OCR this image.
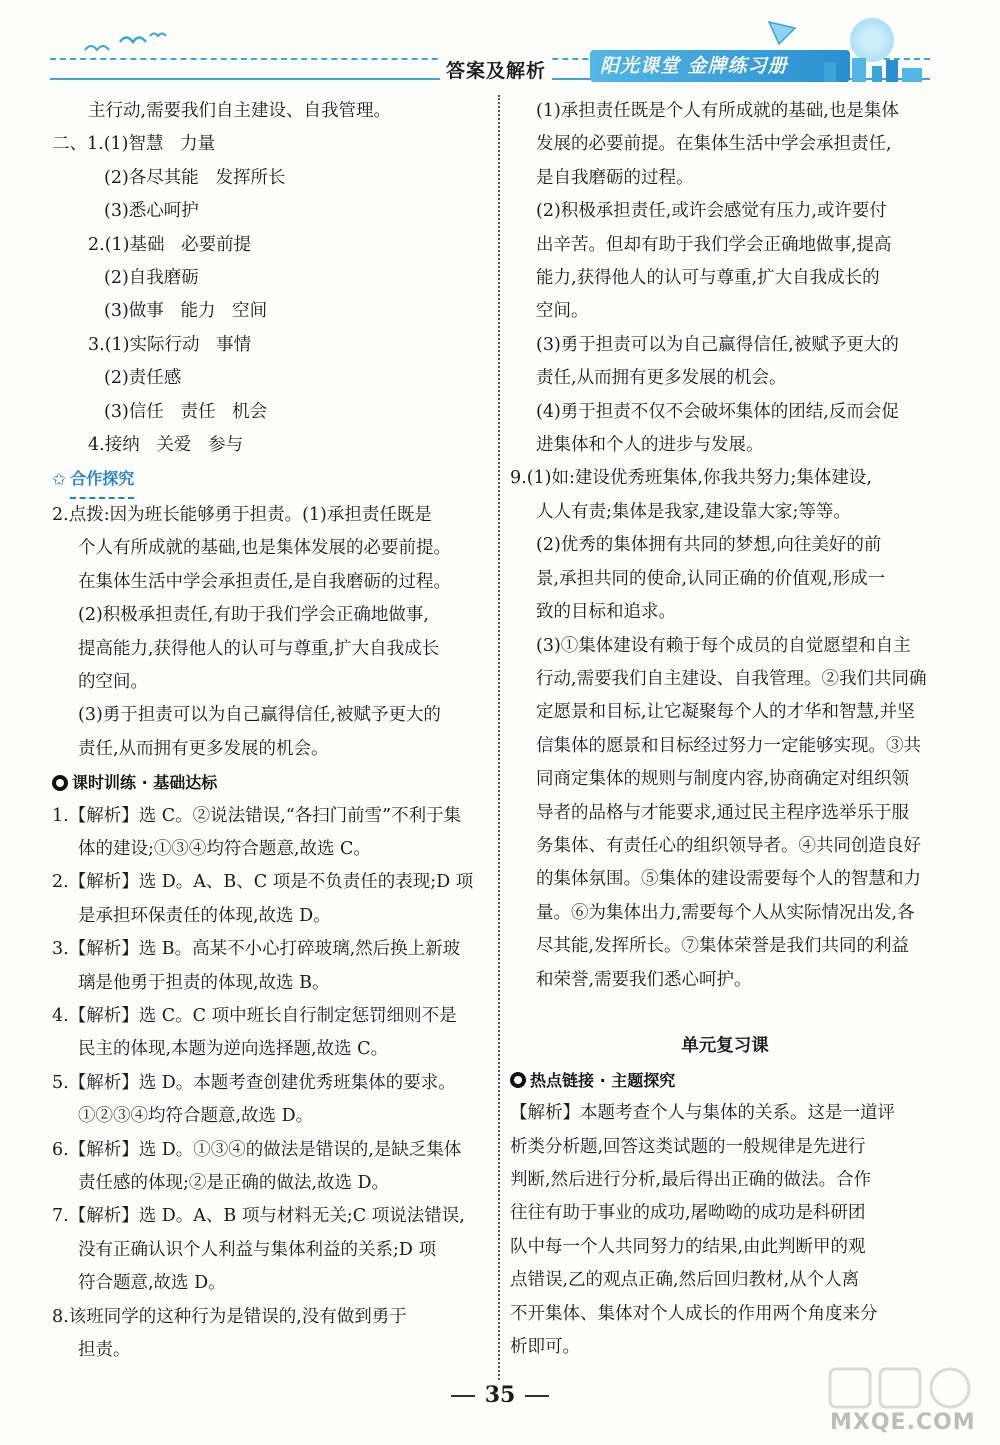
答案及解析	阳光课堂 金牌练习册
主行动,需要我们自主建设、自我管理。
二、1.(1)智慧   力量
(2)各尽其能   发挥所长
(3)悉心呵护
2.(1)基础   必要前提
(2)自我磨砺
(3)做事   能力   空间
3.(1)实际行动   事情
(2)责任感
(3)信任   责任   机会
4.接纳   关爱   参与
✩ 合作探究
2.点拨:因为班长能够勇于担责。(1)承担责任既是
个人有所成就的基础,也是集体发展的必要前提。
在集体生活中学会承担责任,是自我磨砺的过程。
(2)积极承担责任,有助于我们学会正确地做事,
提高能力,获得他人的认可与尊重,扩大自我成长
的空间。
(3)勇于担责可以为自己赢得信任,被赋予更大的
责任,从而拥有更多发展的机会。
课时训练 · 基础达标
1.【解析】选 C。②说法错误,“各扫门前雪”不利于集
体的建设;①③④均符合题意,故选 C。
2.【解析】选 D。A、B、C 项是不负责任的表现;D 项
是承担环保责任的体现,故选 D。
3.【解析】选 B。高某不小心打碎玻璃,然后换上新玻
璃是他勇于担责的体现,故选 B。
4.【解析】选 C。C 项中班长自行制定惩罚细则不是
民主的体现,本题为逆向选择题,故选 C。
5.【解析】选 D。本题考查创建优秀班集体的要求。
①②③④均符合题意,故选 D。
6.【解析】选 D。①③④的做法是错误的,是缺乏集体
责任感的体现;②是正确的做法,故选 D。
7.【解析】选 D。A、B 项与材料无关;C 项说法错误,
没有正确认识个人利益与集体利益的关系;D 项
符合题意,故选 D。
8.该班同学的这种行为是错误的,没有做到勇于
担责。
(1)承担责任既是个人有所成就的基础,也是集体
发展的必要前提。在集体生活中学会承担责任,
是自我磨砺的过程。
(2)积极承担责任,或许会感觉有压力,或许要付
出辛苦。但却有助于我们学会正确地做事,提高
能力,获得他人的认可与尊重,扩大自我成长的
空间。
(3)勇于担责可以为自己赢得信任,被赋予更大的
责任,从而拥有更多发展的机会。
(4)勇于担责不仅不会破坏集体的团结,反而会促
进集体和个人的进步与发展。
9.(1)如:建设优秀班集体,你我共努力;集体建设,
人人有责;集体是我家,建设靠大家;等等。
(2)优秀的集体拥有共同的梦想,向往美好的前
景,承担共同的使命,认同正确的价值观,形成一
致的目标和追求。
(3)①集体建设有赖于每个成员的自觉愿望和自主
行动,需要我们自主建设、自我管理。②我们共同确
定愿景和目标,让它凝聚每个人的才华和智慧,并坚
信集体的愿景和目标经过努力一定能够实现。③共
同商定集体的规则与制度内容,协商确定对组织领
导者的品格与才能要求,通过民主程序选举乐于服
务集体、有责任心的组织领导者。④共同创造良好
的集体氛围。⑤集体的建设需要每个人的智慧和力
量。⑥为集体出力,需要每个人从实际情况出发,各
尽其能,发挥所长。⑦集体荣誉是我们共同的利益
和荣誉,需要我们悉心呵护。
单元复习课
热点链接 · 主题探究
【解析】本题考查个人与集体的关系。这是一道评
析类分析题,回答这类试题的一般规律是先进行
判断,然后进行分析,最后得出正确的做法。合作
往往有助于事业的成功,屠呦呦的成功是科研团
队中每一个人共同努力的结果,由此判断甲的观
点错误,乙的观点正确,然后回归教材,从个人离
不开集体、集体对个人成长的作用两个角度来分
析即可。
35
MXQE.COM
